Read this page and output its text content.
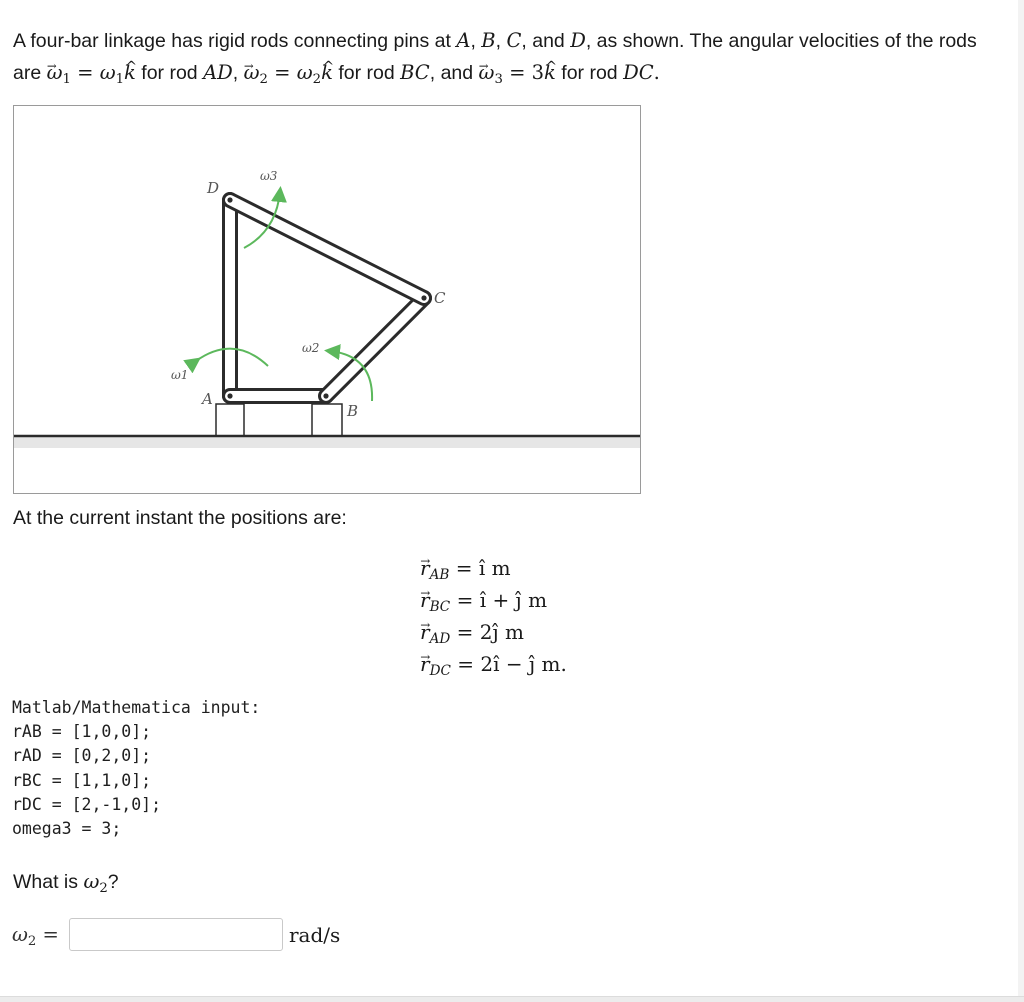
A four-bar linkage has rigid rods connecting pins at A, B, C, and D, as shown. The angular velocities of the rods are → $\omega_1$ = $\omega_1\^{}$ k for rod AD, → $\omega_2$ = $\omega_2\^{}$ k for rod BC, and → $\omega_3$ = 3^ k for rod DC.
D
A
B
C
ω1
ω3
ω2
At the current instant the positions are:
→ $r_{AB}$ = î m
→ $r_{BC}$ = î + ĵ m
→ $r_{AD}$ = 2ĵ m
→ $r_{DC}$ = 2î − ĵ m.
Matlab/Mathematica input:
rAB = [1,0,0];
rAD = [0,2,0];
rBC = [1,1,0];
rDC = [2,-1,0];
omega3 = 3;
What is $\omega_2$?
$\omega_2$ =	rad/s
